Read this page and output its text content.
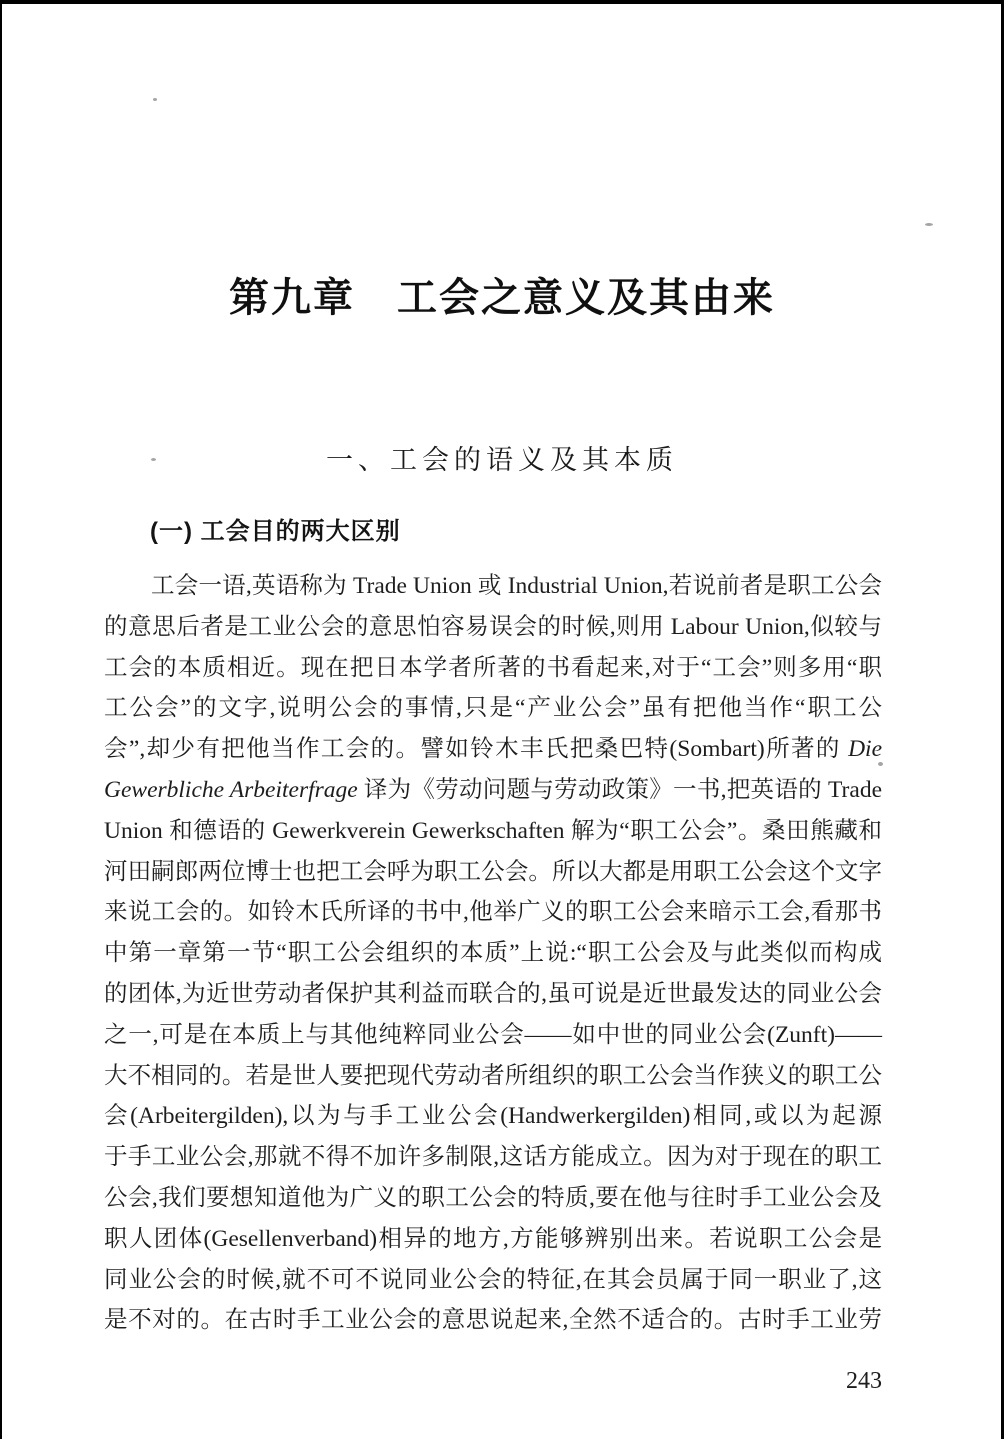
第九章　工会之意义及其由来
一、工会的语义及其本质
(一) 工会目的两大区别
工会一语,英语称为 Trade Union 或 Industrial Union,若说前者是职工公会
的意思后者是工业公会的意思怕容易误会的时候,则用 Labour Union,似较与
工会的本质相近。现在把日本学者所著的书看起来,对于“工会”则多用“职
工公会”的文字,说明公会的事情,只是“产业公会”虽有把他当作“职工公
会”,却少有把他当作工会的。譬如铃木丰氏把桑巴特(Sombart)所著的 Die
Gewerbliche Arbeiterfrage 译为《劳动问题与劳动政策》一书,把英语的 Trade
Union 和德语的 Gewerkverein Gewerkschaften 解为“职工公会”。桑田熊藏和
河田嗣郎两位博士也把工会呼为职工公会。所以大都是用职工公会这个文字
来说工会的。如铃木氏所译的书中,他举广义的职工公会来暗示工会,看那书
中第一章第一节“职工公会组织的本质”上说:“职工公会及与此类似而构成
的团体,为近世劳动者保护其利益而联合的,虽可说是近世最发达的同业公会
之一,可是在本质上与其他纯粹同业公会——如中世的同业公会(Zunft)——
大不相同的。若是世人要把现代劳动者所组织的职工公会当作狭义的职工公
会(Arbeitergilden),以为与手工业公会(Handwerkergilden)相同,或以为起源
于手工业公会,那就不得不加许多制限,这话方能成立。因为对于现在的职工
公会,我们要想知道他为广义的职工公会的特质,要在他与往时手工业公会及
职人团体(Gesellenverband)相异的地方,方能够辨别出来。若说职工公会是
同业公会的时候,就不可不说同业公会的特征,在其会员属于同一职业了,这
是不对的。在古时手工业公会的意思说起来,全然不适合的。古时手工业劳
243
